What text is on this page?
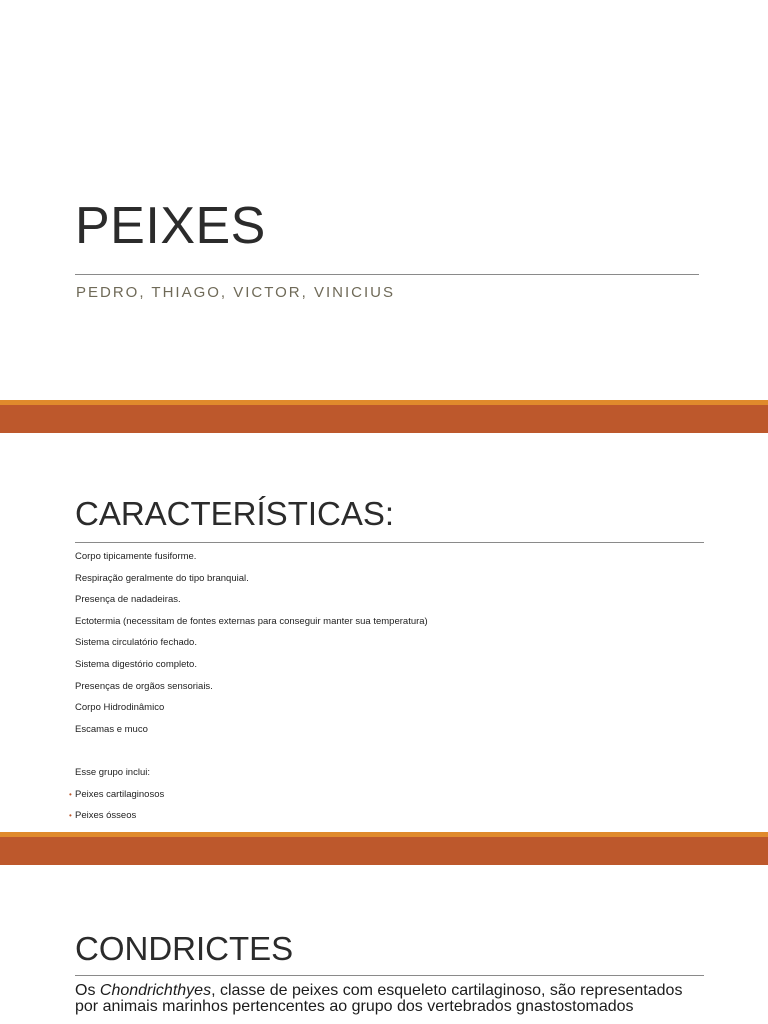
PEIXES

PEDRO, THIAGO, VICTOR, VINICIUS

CARACTERÍSTICAS:
Corpo tipicamente fusiforme.
Respiração geralmente do tipo branquial.
Presença de nadadeiras.
Ectotermia (necessitam de fontes externas para conseguir manter sua temperatura)
Sistema circulatório fechado.
Sistema digestório completo.
Presenças de orgãos sensoriais.
Corpo Hidrodinâmico
Escamas e muco
Esse grupo inclui:
• Peixes cartilaginosos
• Peixes ósseos
CONDRICTES

Os Chondrichthyes, classe de peixes com esqueleto cartilaginoso, são representados
por animais marinhos pertencentes ao grupo dos vertebrados gnastostomados
